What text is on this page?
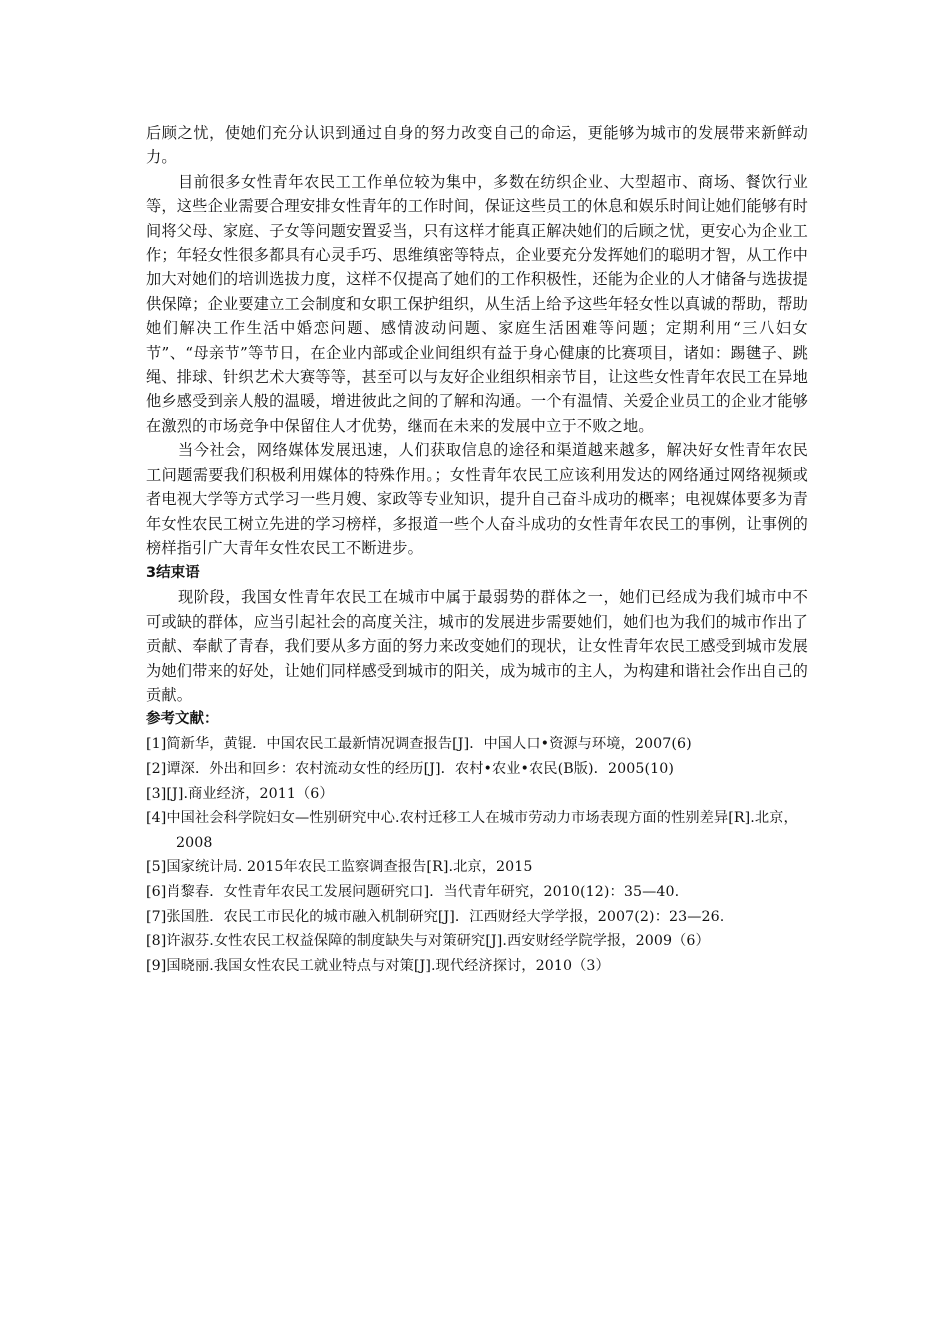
后顾之忧，使她们充分认识到通过自身的努力改变自己的命运，更能够为城市的发展带来新鲜动力。

目前很多女性青年农民工工作单位较为集中，多数在纺织企业、大型超市、商场、餐饮行业等，这些企业需要合理安排女性青年的工作时间，保证这些员工的休息和娱乐时间让她们能够有时间将父母、家庭、子女等问题安置妥当，只有这样才能真正解决她们的后顾之忧，更安心为企业工作；年轻女性很多都具有心灵手巧、思维缜密等特点，企业要充分发挥她们的聪明才智，从工作中加大对她们的培训选拔力度，这样不仅提高了她们的工作积极性，还能为企业的人才储备与选拔提供保障；企业要建立工会制度和女职工保护组织，从生活上给予这些年轻女性以真诚的帮助，帮助她们解决工作生活中婚恋问题、感情波动问题、家庭生活困难等问题；定期利用“三八妇女节”、“母亲节”等节日，在企业内部或企业间组织有益于身心健康的比赛项目，诸如：踢毽子、跳绳、排球、针织艺术大赛等等，甚至可以与友好企业组织相亲节目，让这些女性青年农民工在异地他乡感受到亲人般的温暖，增进彼此之间的了解和沟通。一个有温情、关爱企业员工的企业才能够在激烈的市场竞争中保留住人才优势，继而在未来的发展中立于不败之地。

当今社会，网络媒体发展迅速，人们获取信息的途径和渠道越来越多，解决好女性青年农民工问题需要我们积极利用媒体的特殊作用。；女性青年农民工应该利用发达的网络通过网络视频或者电视大学等方式学习一些月嫂、家政等专业知识，提升自己奋斗成功的概率；电视媒体要多为青年女性农民工树立先进的学习榜样，多报道一些个人奋斗成功的女性青年农民工的事例，让事例的榜样指引广大青年女性农民工不断进步。

3结束语

现阶段，我国女性青年农民工在城市中属于最弱势的群体之一，她们已经成为我们城市中不可或缺的群体，应当引起社会的高度关注，城市的发展进步需要她们，她们也为我们的城市作出了贡献、奉献了青春，我们要从多方面的努力来改变她们的现状，让女性青年农民工感受到城市发展为她们带来的好处，让她们同样感受到城市的阳关，成为城市的主人，为构建和谐社会作出自己的贡献。

参考文献：
[1]简新华，黄锟．中国农民工最新情况调查报告[J]．中国人口•资源与环境，2007(6)
[2]谭深．外出和回乡：农村流动女性的经历[J]．农村•农业•农民(B版)．2005(10)
[3][J].商业经济，2011（6）
[4]中国社会科学院妇女—性别研究中心.农村迁移工人在城市劳动力市场表现方面的性别差异[R].北京，2008
[5]国家统计局. 2015年农民工监察调查报告[R].北京，2015
[6]肖黎春．女性青年农民工发展问题研究口]．当代青年研究，2010(12)：35—40.
[7]张国胜．农民工市民化的城市融入机制研究[J]．江西财经大学学报，2007(2)：23—26.
[8]许淑芬.女性农民工权益保障的制度缺失与对策研究[J].西安财经学院学报，2009（6）
[9]国晓丽.我国女性农民工就业特点与对策[J].现代经济探讨，2010（3）
